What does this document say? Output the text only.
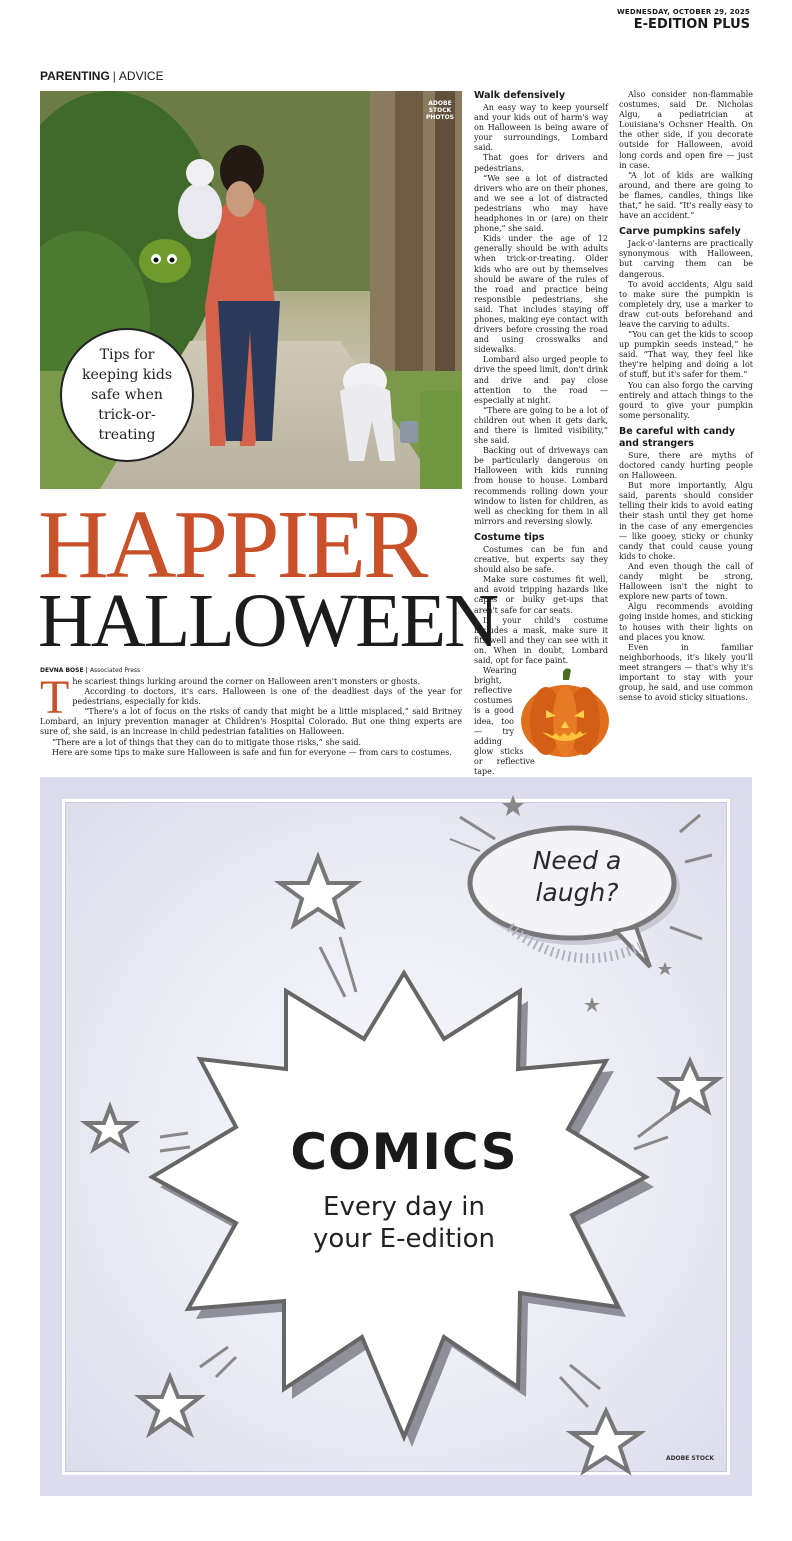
WEDNESDAY, OCTOBER 29, 2025
E-EDITION PLUS
PARENTING | ADVICE
ADOBE
STOCK
PHOTOS
Tips for keeping kids safe when trick-or-treating
HAPPIER
HALLOWEEN
DEVNA BOSE | Associated Press
T he scariest things lurking around the corner on Halloween aren't monsters or ghosts.

According to doctors, it's cars. Halloween is one of the deadliest days of the year for pedestrians, especially for kids.

“There's a lot of focus on the risks of candy that might be a little misplaced,” said Britney Lombard, an injury prevention manager at Children's Hospital Colorado. But one thing experts are sure of, she said, is an increase in child pedestrian fatalities on Halloween.

“There are a lot of things that they can do to mitigate those risks,” she said.

Here are some tips to make sure Halloween is safe and fun for everyone — from cars to costumes.

Walk defensively

An easy way to keep yourself and your kids out of harm's way on Halloween is being aware of your surroundings, Lombard said.

That goes for drivers and pedestrians.

“We see a lot of distracted drivers who are on their phones, and we see a lot of distracted pedestrians who may have headphones in or (are) on their phone,” she said.

Kids under the age of 12 generally should be with adults when trick-or-treating. Older kids who are out by themselves should be aware of the rules of the road and practice being responsible pedestrians, she said. That includes staying off phones, making eye contact with drivers before crossing the road and using crosswalks and sidewalks.

Lombard also urged people to drive the speed limit, don't drink and drive and pay close attention to the road — especially at night.

“There are going to be a lot of children out when it gets dark, and there is limited visibility,” she said.

Backing out of driveways can be particularly dangerous on Halloween with kids running from house to house. Lombard recommends rolling down your window to listen for children, as well as checking for them in all mirrors and reversing slowly.

Costume tips

Costumes can be fun and creative, but experts say they should also be safe.

Make sure costumes fit well, and avoid tripping hazards like capes or bulky get-ups that aren't safe for car seats.

If your child's costume includes a mask, make sure it fits well and they can see with it on. When in doubt, Lombard said, opt for face paint.

Wearing bright, reflective costumes is a good idea, too — try adding glow sticks or reflective tape.

Also consider non-flammable costumes, said Dr. Nicholas Algu, a pediatrician at Louisiana's Ochsner Health. On the other side, if you decorate outside for Halloween, avoid long cords and open fire — just in case.

“A lot of kids are walking around, and there are going to be flames, candles, things like that,” he said. “It's really easy to have an accident.”

Carve pumpkins safely

Jack-o'-lanterns are practically synonymous with Halloween, but carving them can be dangerous.

To avoid accidents, Algu said to make sure the pumpkin is completely dry, use a marker to draw cut-outs beforehand and leave the carving to adults.

“You can get the kids to scoop up pumpkin seeds instead,” he said. “That way, they feel like they're helping and doing a lot of stuff, but it's safer for them.”

You can also forgo the carving entirely and attach things to the gourd to give your pumpkin some personality.

Be careful with candy and strangers

Sure, there are myths of doctored candy hurting people on Halloween.

But more importantly, Algu said, parents should consider telling their kids to avoid eating their stash until they get home in the case of any emergencies — like gooey, sticky or chunky candy that could cause young kids to choke.

And even though the call of candy might be strong, Halloween isn't the night to explore new parts of town.

Algu recommends avoiding going inside homes, and sticking to houses with their lights on and places you know.

Even in familiar neighborhoods, it's likely you'll meet strangers — that's why it's important to stay with your group, he said, and use common sense to avoid sticky situations.

Need a laugh?
COMICS
Every day in
your E-edition
ADOBE STOCK
